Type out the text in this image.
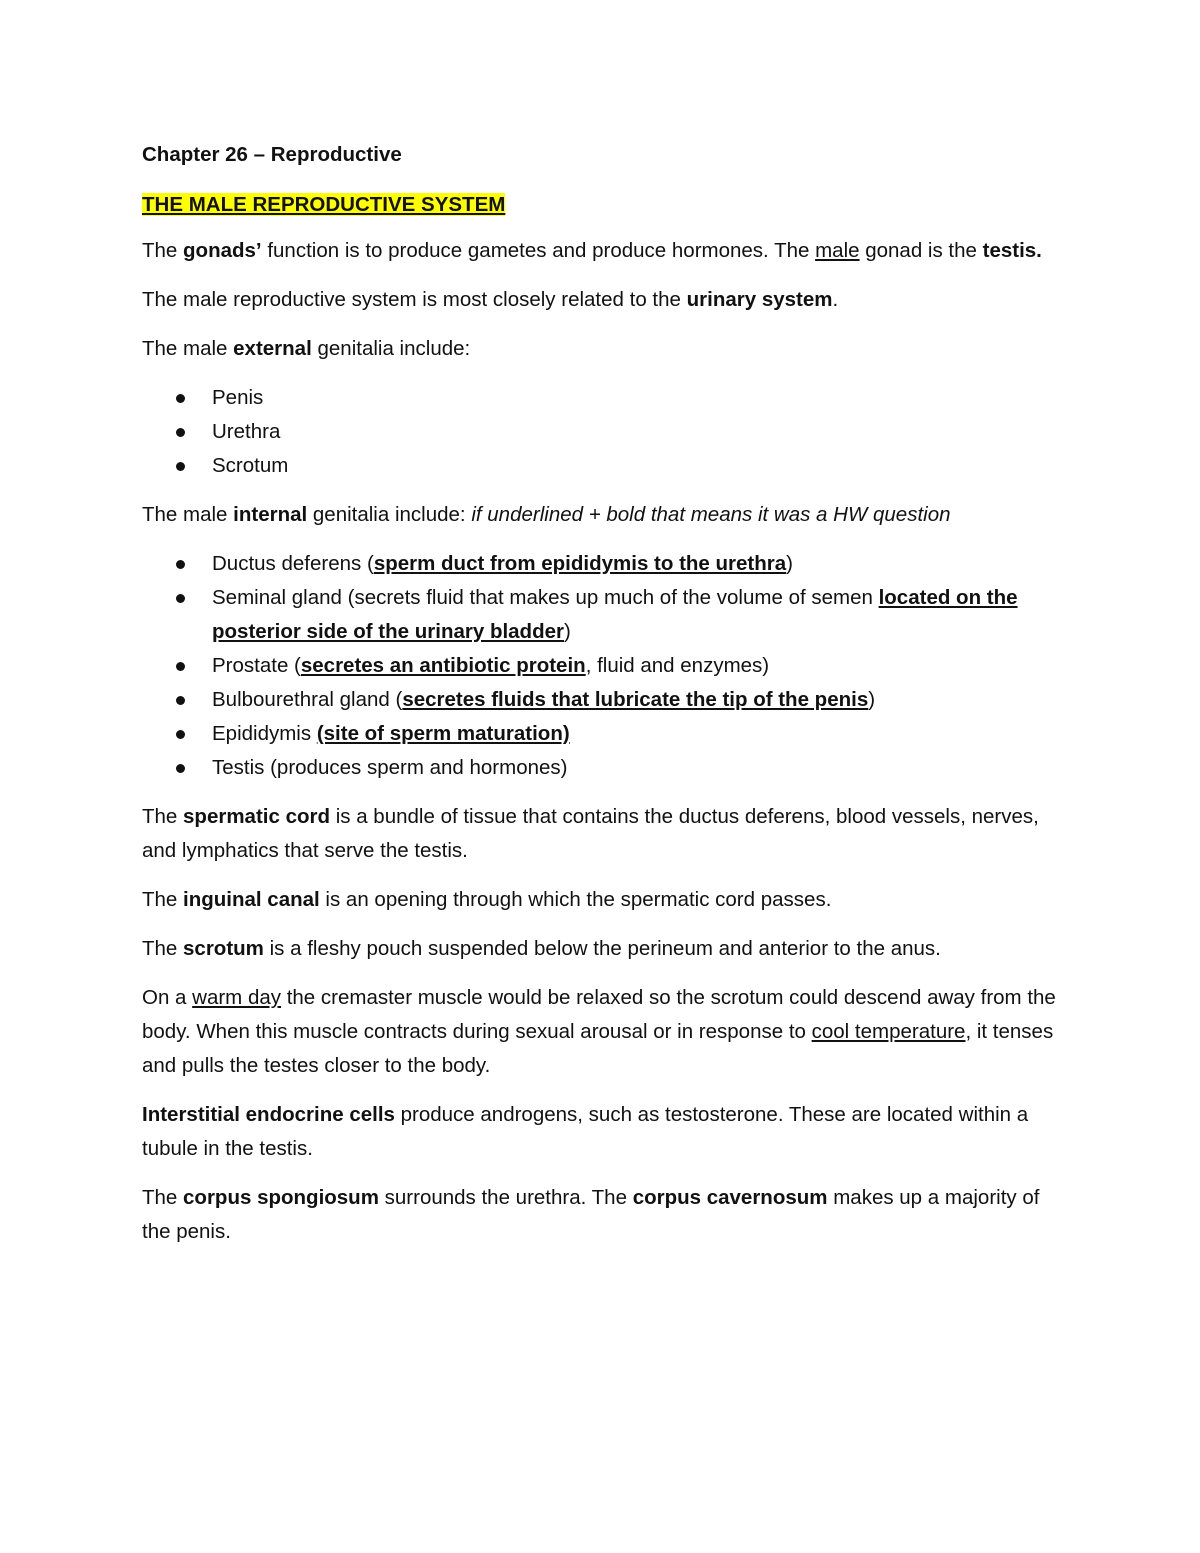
Chapter 26 – Reproductive

THE MALE REPRODUCTIVE SYSTEM

The gonads’ function is to produce gametes and produce hormones. The male gonad is the testis.

The male reproductive system is most closely related to the urinary system.

The male external genitalia include:

Penis
Urethra
Scrotum

The male internal genitalia include: if underlined + bold that means it was a HW question

Ductus deferens (sperm duct from epididymis to the urethra)
Seminal gland (secrets fluid that makes up much of the volume of semen located on the posterior side of the urinary bladder)
Prostate (secretes an antibiotic protein, fluid and enzymes)
Bulbourethral gland (secretes fluids that lubricate the tip of the penis)
Epididymis (site of sperm maturation)
Testis (produces sperm and hormones)

The spermatic cord is a bundle of tissue that contains the ductus deferens, blood vessels, nerves, and lymphatics that serve the testis.

The inguinal canal is an opening through which the spermatic cord passes.

The scrotum is a fleshy pouch suspended below the perineum and anterior to the anus.

On a warm day the cremaster muscle would be relaxed so the scrotum could descend away from the body. When this muscle contracts during sexual arousal or in response to cool temperature, it tenses and pulls the testes closer to the body.

Interstitial endocrine cells produce androgens, such as testosterone. These are located within a tubule in the testis.

The corpus spongiosum surrounds the urethra. The corpus cavernosum makes up a majority of the penis.
